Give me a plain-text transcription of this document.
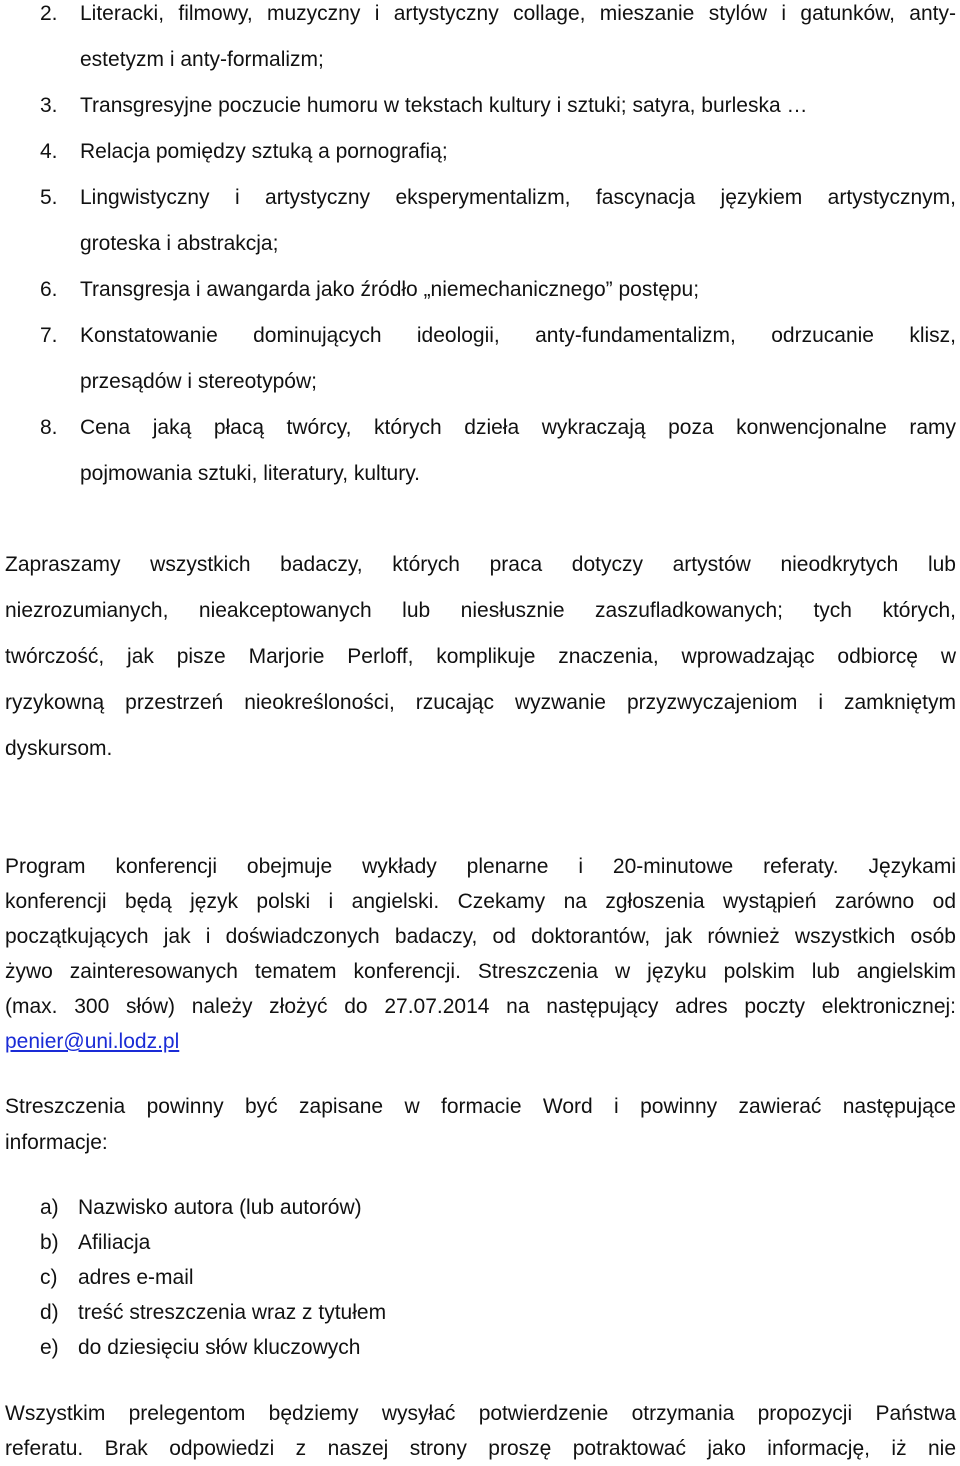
2. Literacki, filmowy, muzyczny i artystyczny collage, mieszanie stylów i gatunków, anty-
estetyzm i anty-formalizm;
3. Transgresyjne poczucie humoru w tekstach kultury i sztuki; satyra, burleska …
4. Relacja pomiędzy sztuką a pornografią;
5. Lingwistyczny i artystyczny eksperymentalizm, fascynacja językiem artystycznym,
groteska i abstrakcja;
6. Transgresja i awangarda jako źródło „niemechanicznego” postępu;
7. Konstatowanie dominujących ideologii, anty-fundamentalizm, odrzucanie klisz,
przesądów i stereotypów;
8. Cena jaką płacą twórcy, których dzieła wykraczają poza konwencjonalne ramy
pojmowania sztuki, literatury, kultury.
Zapraszamy wszystkich badaczy, których praca dotyczy artystów nieodkrytych lub
niezrozumianych, nieakceptowanych lub niesłusznie zaszufladkowanych; tych których,
twórczość, jak pisze Marjorie Perloff, komplikuje znaczenia, wprowadzając odbiorcę w
ryzykowną przestrzeń nieokreśloności, rzucając wyzwanie przyzwyczajeniom i zamkniętym
dyskursom.
Program konferencji obejmuje wykłady plenarne i 20-minutowe referaty. Językami
konferencji będą język polski i angielski. Czekamy na zgłoszenia wystąpień zarówno od
początkujących jak i doświadczonych badaczy, od doktorantów, jak również wszystkich osób
żywo zainteresowanych tematem konferencji. Streszczenia w języku polskim lub angielskim
(max. 300 słów) należy złożyć do 27.07.2014 na następujący adres poczty elektronicznej:
penier@uni.lodz.pl
Streszczenia powinny być zapisane w formacie Word i powinny zawierać następujące
informacje:
a) Nazwisko autora (lub autorów)
b) Afiliacja
c) adres e-mail
d) treść streszczenia wraz z tytułem
e) do dziesięciu słów kluczowych
Wszystkim prelegentom będziemy wysyłać potwierdzenie otrzymania propozycji Państwa
referatu. Brak odpowiedzi z naszej strony proszę potraktować jako informację, iż nie
